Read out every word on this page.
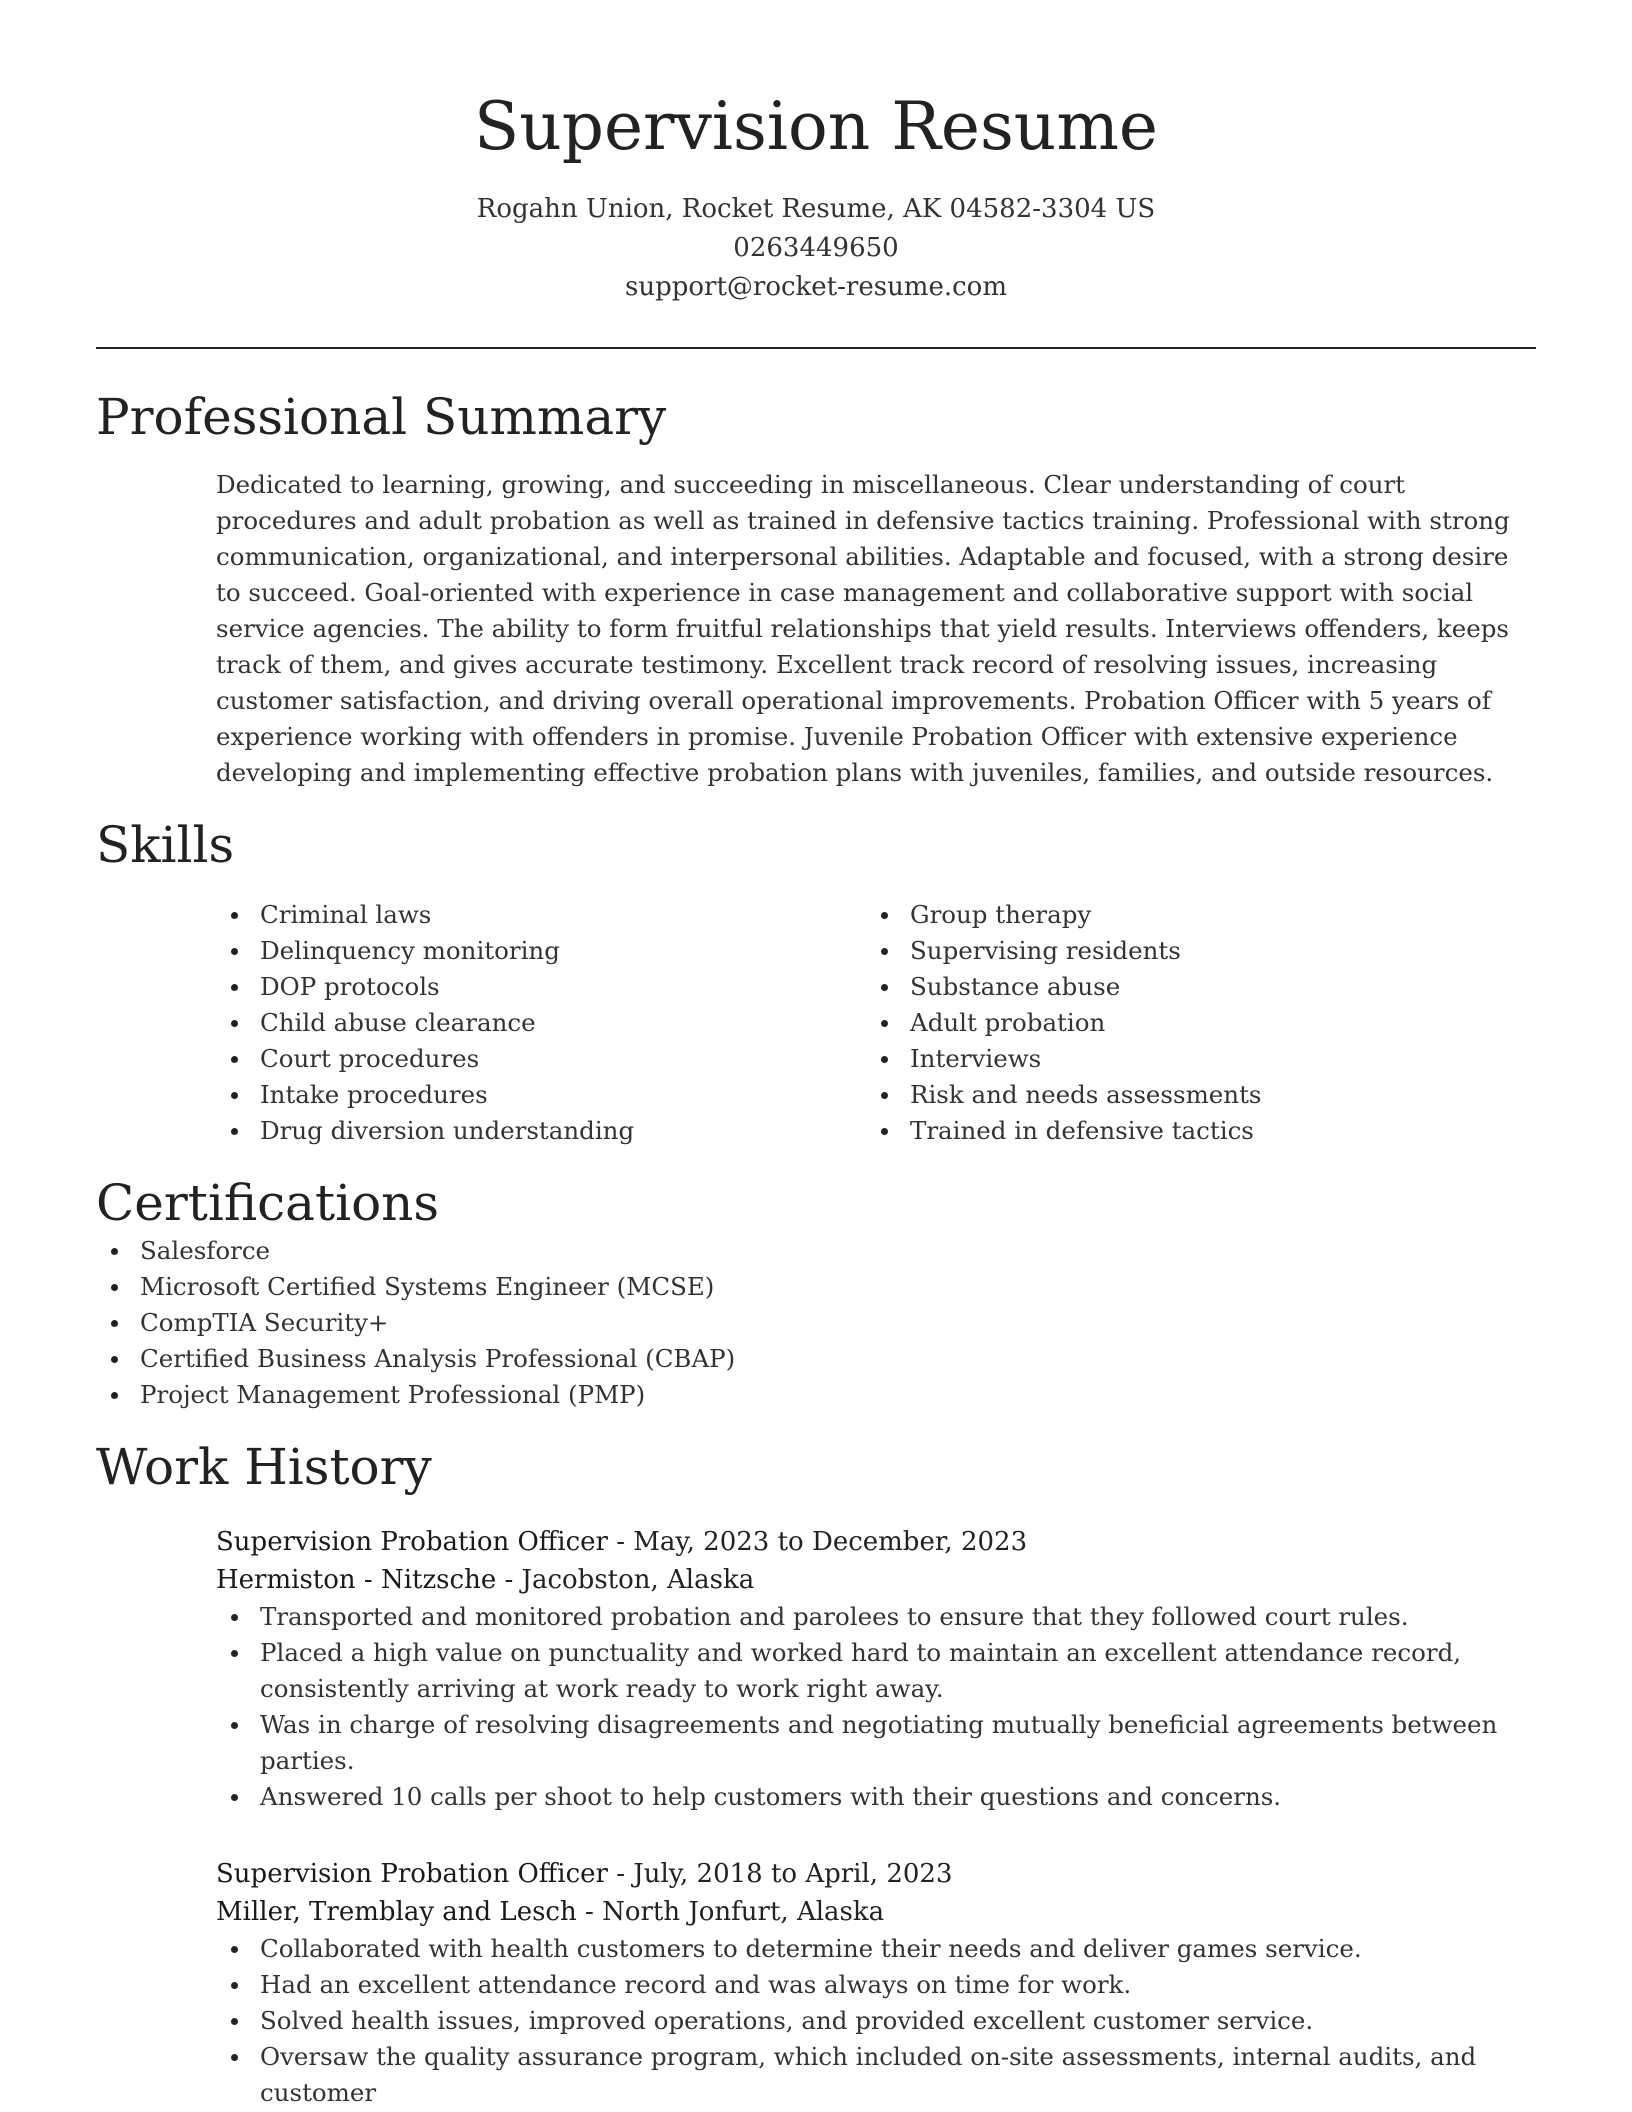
Supervision Resume
Rogahn Union, Rocket Resume, AK 04582-3304 US
0263449650
support@rocket-resume.com
Professional Summary

Dedicated to learning, growing, and succeeding in miscellaneous. Clear understanding of court procedures and adult probation as well as trained in defensive tactics training. Professional with strong communication, organizational, and interpersonal abilities. Adaptable and focused, with a strong desire to succeed. Goal-oriented with experience in case management and collaborative support with social service agencies. The ability to form fruitful relationships that yield results. Interviews offenders, keeps track of them, and gives accurate testimony. Excellent track record of resolving issues, increasing customer satisfaction, and driving overall operational improvements. Probation Officer with 5 years of experience working with offenders in promise. Juvenile Probation Officer with extensive experience developing and implementing effective probation plans with juveniles, families, and outside resources.

Skills
Criminal laws
Delinquency monitoring
DOP protocols
Child abuse clearance
Court procedures
Intake procedures
Drug diversion understanding
Group therapy
Supervising residents
Substance abuse
Adult probation
Interviews
Risk and needs assessments
Trained in defensive tactics
Certifications
Salesforce
Microsoft Certified Systems Engineer (MCSE)
CompTIA Security+
Certified Business Analysis Professional (CBAP)
Project Management Professional (PMP)
Work History
Supervision Probation Officer - May, 2023 to December, 2023
Hermiston - Nitzsche - Jacobston, Alaska
Transported and monitored probation and parolees to ensure that they followed court rules.
Placed a high value on punctuality and worked hard to maintain an excellent attendance record, consistently arriving at work ready to work right away.
Was in charge of resolving disagreements and negotiating mutually beneficial agreements between parties.
Answered 10 calls per shoot to help customers with their questions and concerns.
Supervision Probation Officer - July, 2018 to April, 2023
Miller, Tremblay and Lesch - North Jonfurt, Alaska
Collaborated with health customers to determine their needs and deliver games service.
Had an excellent attendance record and was always on time for work.
Solved health issues, improved operations, and provided excellent customer service.
Oversaw the quality assurance program, which included on-site assessments, internal audits, and customer
